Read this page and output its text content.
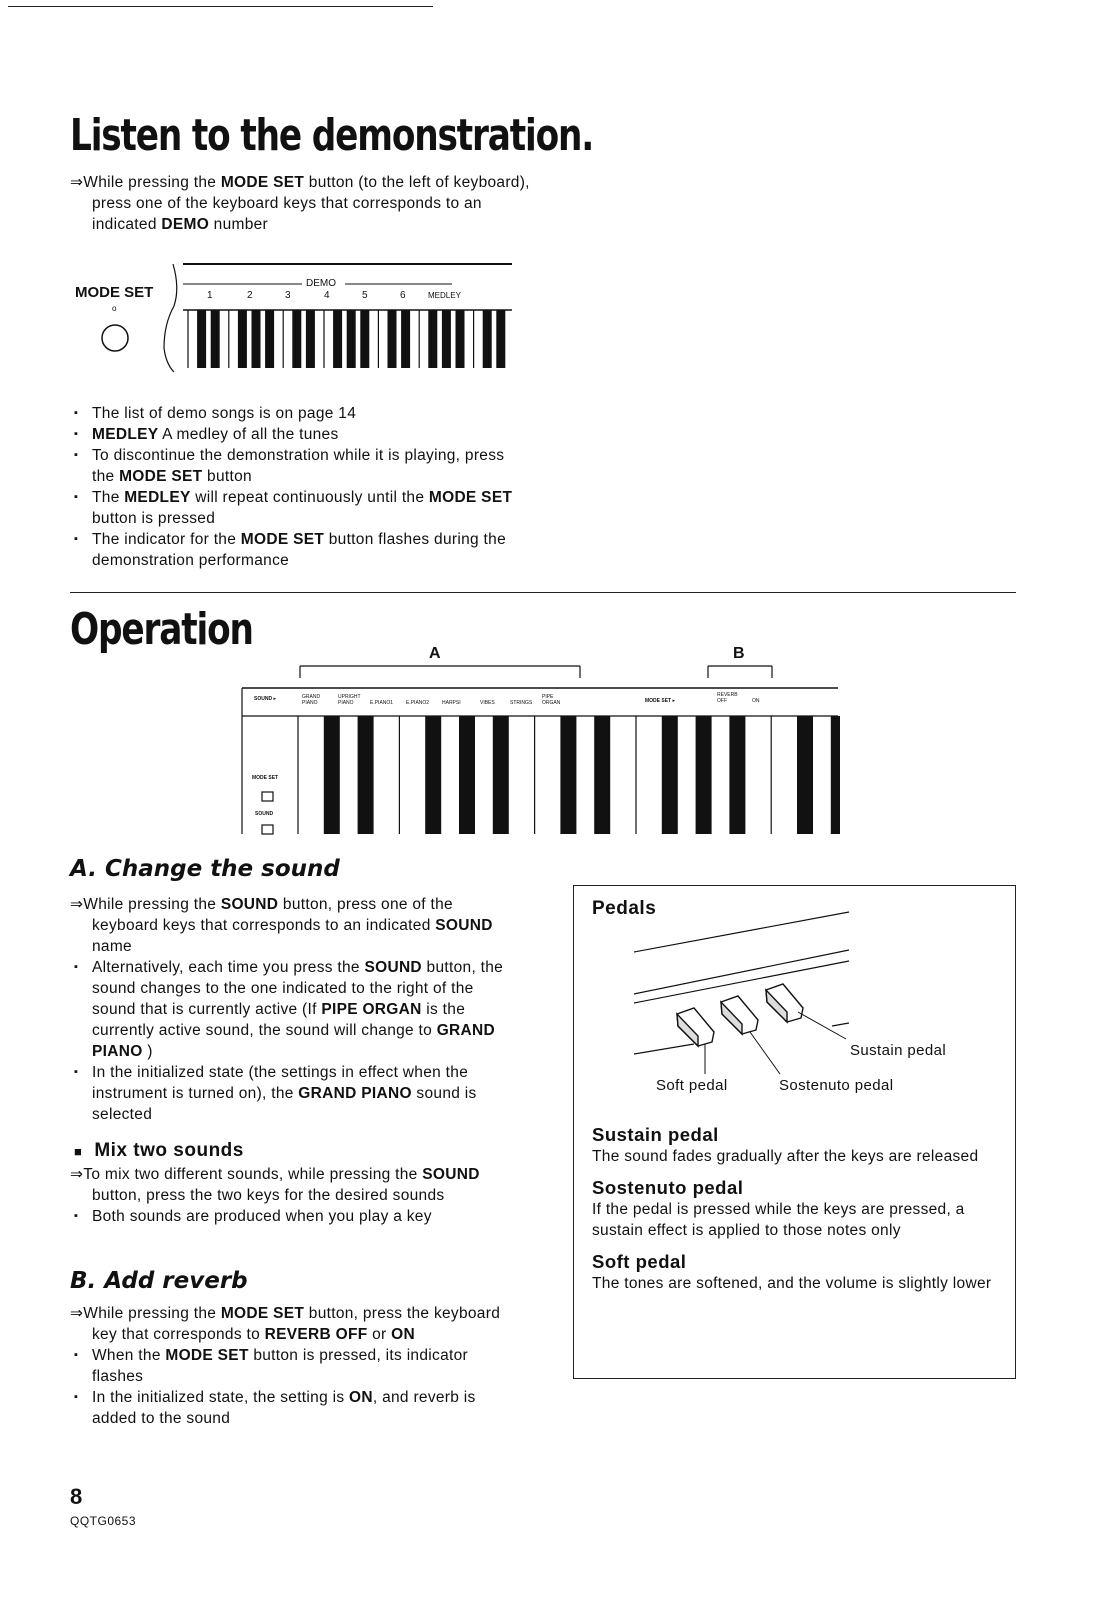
Listen to the demonstration.
⇒While pressing the MODE SET button (to the left of keyboard), press one of the keyboard keys that corresponds to an indicated DEMO number
MODE SET
o
DEMO
1	2	3	4	5	6	MEDLEY
▪ The list of demo songs is on page 14
▪ MEDLEY A medley of all the tunes
▪ To discontinue the demonstration while it is playing, press the MODE SET button
▪ The MEDLEY will repeat continuously until the MODE SET button is pressed
▪ The indicator for the MODE SET button flashes during the demonstration performance
Operation	A	B
SOUND ▸	GRAND PIANO
UPRIGHT PIANO	E.PIANO1	E.PIANO2	HARPSI	VIBES	STRINGS
PIPE ORGAN	MODE SET ▸
REVERB OFF	ON
MODE SET
SOUND
A. Change the sound
⇒While pressing the SOUND button, press one of the keyboard keys that corresponds to an indicated SOUND name
▪ Alternatively, each time you press the SOUND button, the sound changes to the one indicated to the right of the sound that is currently active (If PIPE ORGAN is the currently active sound, the sound will change to GRAND PIANO )
▪ In the initialized state (the settings in effect when the instrument is turned on), the GRAND PIANO sound is selected
■ Mix two sounds
⇒To mix two different sounds, while pressing the SOUND button, press the two keys for the desired sounds
▪ Both sounds are produced when you play a key
B. Add reverb
⇒While pressing the MODE SET button, press the keyboard key that corresponds to REVERB OFF or ON
▪ When the MODE SET button is pressed, its indicator flashes
▪ In the initialized state, the setting is ON, and reverb is added to the sound
Pedals
Sustain pedal
Soft pedal	Sostenuto pedal
Sustain pedal
The sound fades gradually after the keys are released
Sostenuto pedal
If the pedal is pressed while the keys are pressed, a sustain effect is applied to those notes only
Soft pedal
The tones are softened, and the volume is slightly lower
8
QQTG0653
